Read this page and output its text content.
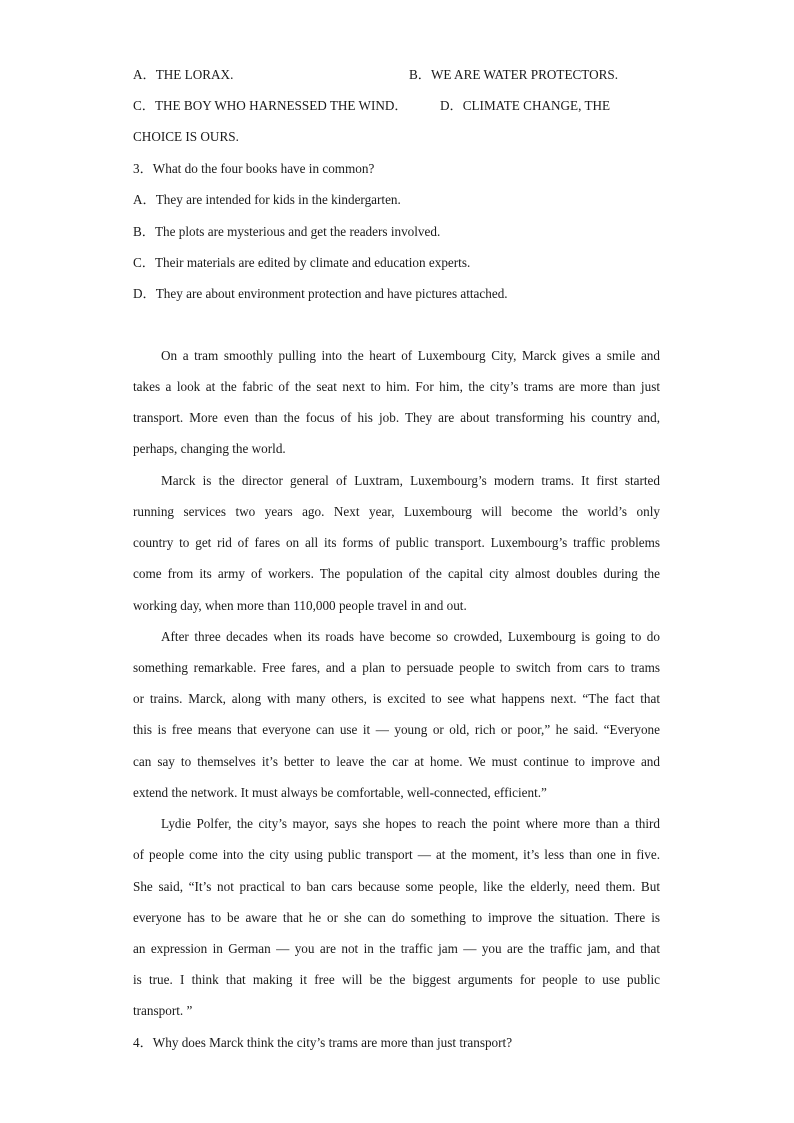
A．THE LORAX.	B．WE ARE WATER PROTECTORS.
C．THE BOY WHO HARNESSED THE WIND． D．CLIMATE CHANGE, THE
CHOICE IS OURS.
3．What do the four books have in common?
A．They are intended for kids in the kindergarten.
B．The plots are mysterious and get the readers involved.
C．Their materials are edited by climate and education experts.
D．They are about environment protection and have pictures attached.
On a tram smoothly pulling into the heart of Luxembourg City, Marck gives a smile and
takes a look at the fabric of the seat next to him. For him, the city’s trams are more than just
transport. More even than the focus of his job. They are about transforming his country and,
perhaps, changing the world.
Marck is the director general of Luxtram, Luxembourg’s modern trams. It first started
running services two years ago. Next year, Luxembourg will become the world’s only
country to get rid of fares on all its forms of public transport. Luxembourg’s traffic problems
come from its army of workers. The population of the capital city almost doubles during the
working day, when more than 110,000 people travel in and out.
After three decades when its roads have become so crowded, Luxembourg is going to do
something remarkable. Free fares, and a plan to persuade people to switch from cars to trams
or trains. Marck, along with many others, is excited to see what happens next. “The fact that
this is free means that everyone can use it — young or old, rich or poor,” he said. “Everyone
can say to themselves it’s better to leave the car at home. We must continue to improve and
extend the network. It must always be comfortable, well-connected, efficient.”
Lydie Polfer, the city’s mayor, says she hopes to reach the point where more than a third
of people come into the city using public transport — at the moment, it’s less than one in five.
She said, “It’s not practical to ban cars because some people, like the elderly, need them. But
everyone has to be aware that he or she can do something to improve the situation. There is
an expression in German — you are not in the traffic jam — you are the traffic jam, and that
is true. I think that making it free will be the biggest arguments for people to use public
transport. ”
4．Why does Marck think the city’s trams are more than just transport?
